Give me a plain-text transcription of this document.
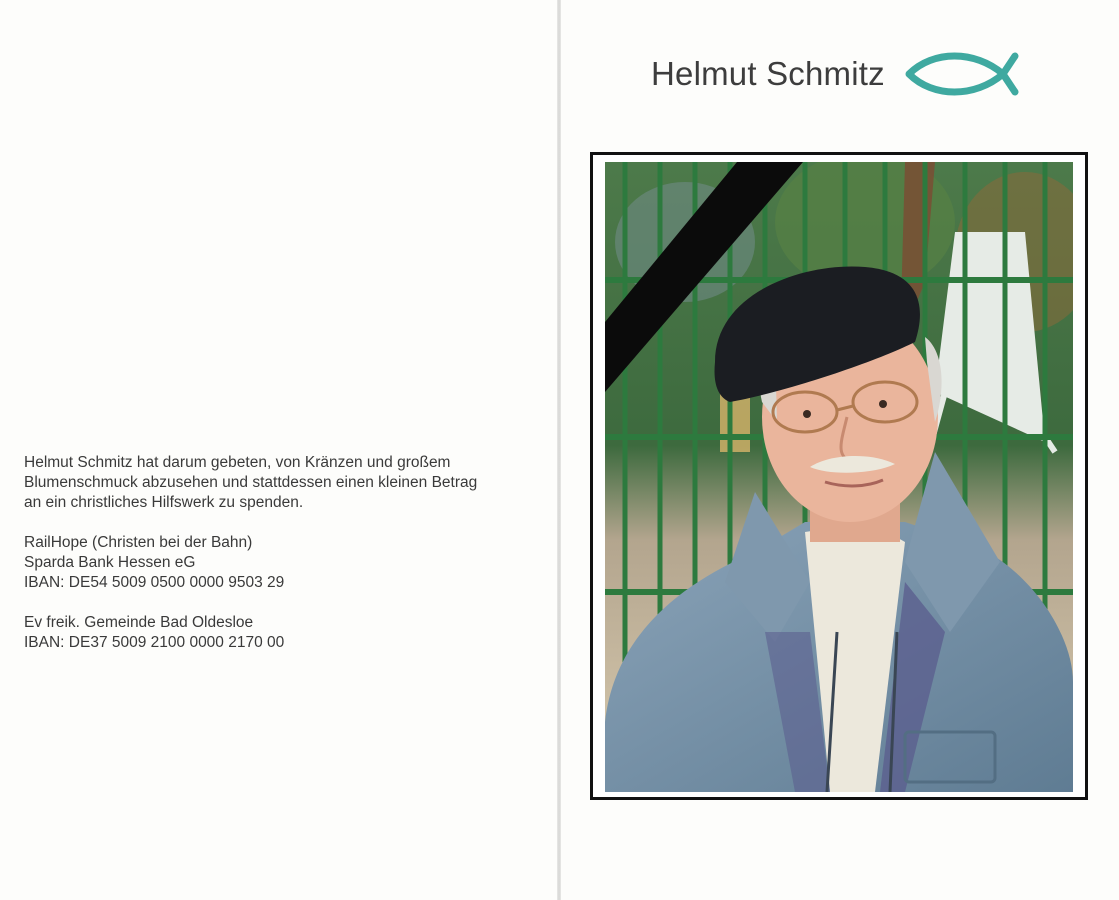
Helmut Schmitz hat darum gebeten, von Kränzen und großem
Blumenschmuck abzusehen und stattdessen einen kleinen Betrag
an ein christliches Hilfswerk zu spenden.
RailHope (Christen bei der Bahn)
Sparda Bank Hessen eG
IBAN: DE54 5009 0500 0000 9503 29
Ev freik. Gemeinde Bad Oldesloe
IBAN: DE37 5009 2100 0000 2170 00
Helmut Schmitz
